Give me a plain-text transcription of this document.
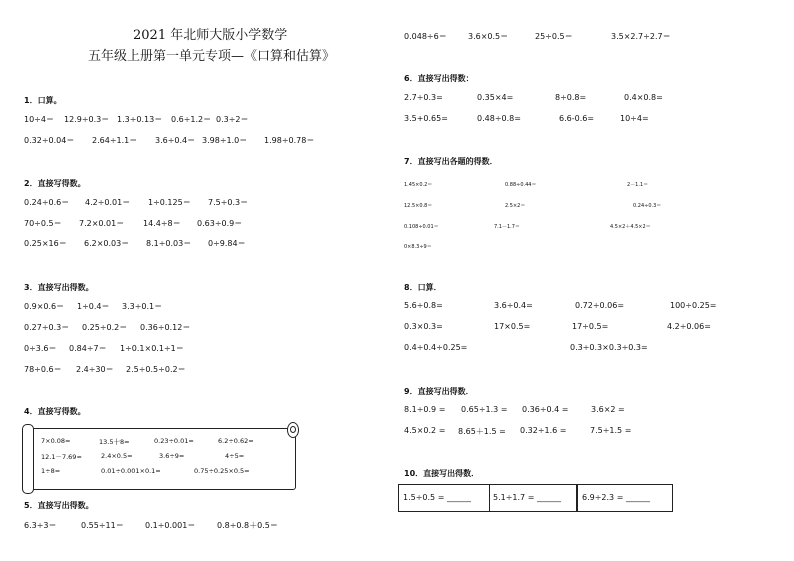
2021 年北师大版小学数学
五年级上册第一单元专项—《口算和估算》
1．口算。
10÷4＝ 12.9÷0.3＝ 1.3÷0.13＝ 0.6÷1.2＝ 0.3÷2＝
0.32÷0.04＝ 2.64÷1.1＝ 3.6÷0.4＝ 3.98÷1.0＝ 1.98÷0.78＝
2．直接写得数。
0.24÷0.6＝ 4.2÷0.01＝ 1÷0.125＝ 7.5÷0.3＝
70÷0.5＝ 7.2×0.01＝ 14.4÷8＝ 0.63÷0.9＝
0.25×16＝ 6.2×0.03＝ 8.1÷0.03＝ 0÷9.84＝
3．直接写出得数。
0.9×0.6＝ 1÷0.4＝ 3.3÷0.1＝
0.27÷0.3＝ 0.25÷0.2＝ 0.36÷0.12＝
0÷3.6＝ 0.84÷7＝ 1÷0.1×0.1÷1＝
78÷0.6＝ 2.4÷30＝ 2.5÷0.5÷0.2＝
4．直接写得数。
7×0.08=	13.5十8=	0.23÷0.01=	6.2÷0.62=
12.1－7.69=	2.4×0.5=	3.6÷9=	4÷5=
1÷8=	0.01÷0.001×0.1=	0.75÷0.25×0.5=
5．直接写出得数。
6.3÷3＝	0.55÷11＝	0.1÷0.001＝	0.8÷0.8＋0.5＝
0.048÷6＝	3.6×0.5＝	25÷0.5＝	3.5×2.7÷2.7＝
6．直接写出得数：
2.7÷0.3=	0.35×4=	8÷0.8=	0.4×0.8=
3.5+0.65=	0.48÷0.8=	6.6-0.6=	10÷4=
7．直接写出各题的得数．
1.45×0.2＝	0.88÷0.44＝	2－1.1＝
12.5×0.8＝	2.5×2＝	0.24÷0.3＝
0.108÷0.01＝	7.1－1.7＝	4.5×2＋4.5×2＝
0×8.3÷9＝
8．口算．
5.6÷0.8=	3.6÷0.4=	0.72÷0.06=	100÷0.25=
0.3×0.3=	17×0.5=	17÷0.5=	4.2÷0.06=
0.4÷0.4÷0.25=	0.3÷0.3×0.3÷0.3=
9．直接写出得数．
8.1÷0.9 = 0.65÷1.3 = 0.36÷0.4 =	3.6×2 =
4.5×0.2 = 8.65＋1.5 = 0.32÷1.6 =	7.5÷1.5 =
10．直接写出得数．
1.5÷0.5 = ______	5.1÷1.7 = ______	6.9÷2.3 = ______
